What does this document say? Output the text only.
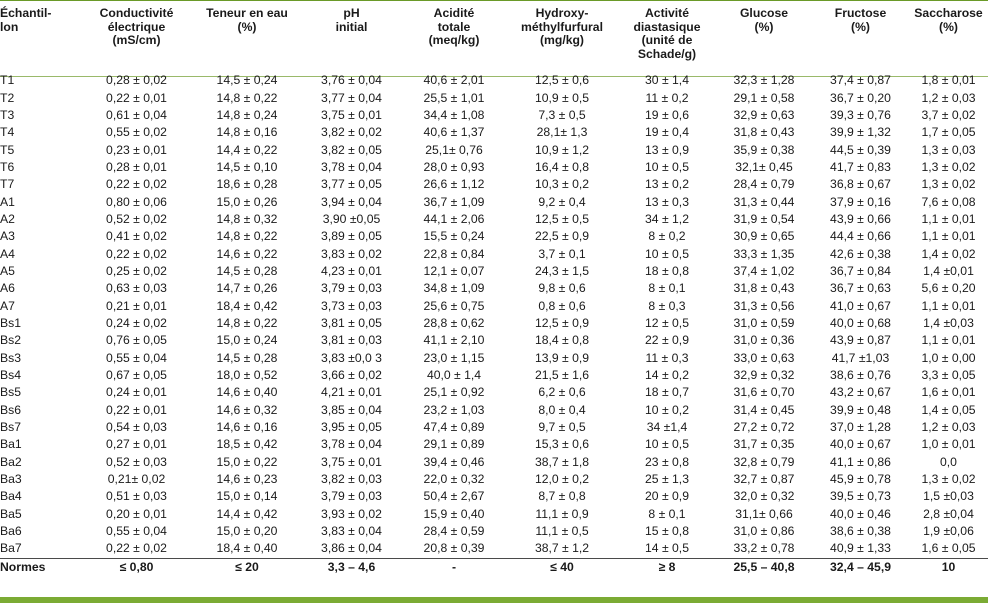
Échantil-
lon	Conductivité
électrique
(mS/cm)	Teneur en eau
(%)	pH
initial	Acidité
totale
(meq/kg)	Hydroxy-
méthylfurfural
(mg/kg)	Activité
diastasique
(unité de
Schade/g)	Glucose
(%)	Fructose
(%)	Saccharose
(%)
T1	0,28 ± 0,02	14,5 ± 0,24	3,76 ± 0,04	40,6 ± 2,01	12,5 ± 0,6	30 ± 1,4	32,3 ± 1,28	37,4 ± 0,87	1,8 ± 0,01
T2	0,22 ± 0,01	14,8 ± 0,22	3,77 ± 0,04	25,5 ± 1,01	10,9 ± 0,5	11 ± 0,2	29,1 ± 0,58	36,7 ± 0,20	1,2 ± 0,03
T3	0,61 ± 0,04	14,8 ± 0,24	3,75 ± 0,01	34,4 ± 1,08	7,3 ± 0,5	19 ± 0,6	32,9 ± 0,63	39,3 ± 0,76	3,7 ± 0,02
T4	0,55 ± 0,02	14,8 ± 0,16	3,82 ± 0,02	40,6 ± 1,37	28,1± 1,3	19 ± 0,4	31,8 ± 0,43	39,9 ± 1,32	1,7 ± 0,05
T5	0,23 ± 0,01	14,4 ± 0,22	3,82 ± 0,05	25,1± 0,76	10,9 ± 1,2	13 ± 0,9	35,9 ± 0,38	44,5 ± 0,39	1,3 ± 0,03
T6	0,28 ± 0,01	14,5 ± 0,10	3,78 ± 0,04	28,0 ± 0,93	16,4 ± 0,8	10 ± 0,5	32,1± 0,45	41,7 ± 0,83	1,3 ± 0,02
T7	0,22 ± 0,02	18,6 ± 0,28	3,77 ± 0,05	26,6 ± 1,12	10,3 ± 0,2	13 ± 0,2	28,4 ± 0,79	36,8 ± 0,67	1,3 ± 0,02
A1	0,80 ± 0,06	15,0 ± 0,26	3,94 ± 0,04	36,7 ± 1,09	9,2 ± 0,4	13 ± 0,3	31,3 ± 0,44	37,9 ± 0,16	7,6 ± 0,08
A2	0,52 ± 0,02	14,8 ± 0,32	3,90 ±0,05	44,1 ± 2,06	12,5 ± 0,5	34 ± 1,2	31,9 ± 0,54	43,9 ± 0,66	1,1 ± 0,01
A3	0,41 ± 0,02	14,8 ± 0,22	3,89 ± 0,05	15,5 ± 0,24	22,5 ± 0,9	8 ± 0,2	30,9 ± 0,65	44,4 ± 0,66	1,1 ± 0,01
A4	0,22 ± 0,02	14,6 ± 0,22	3,83 ± 0,02	22,8 ± 0,84	3,7 ± 0,1	10 ± 0,5	33,3 ± 1,35	42,6 ± 0,38	1,4 ± 0,02
A5	0,25 ± 0,02	14,5 ± 0,28	4,23 ± 0,01	12,1 ± 0,07	24,3 ± 1,5	18 ± 0,8	37,4 ± 1,02	36,7 ± 0,84	1,4 ±0,01
A6	0,63 ± 0,03	14,7 ± 0,26	3,79 ± 0,03	34,8 ± 1,09	9,8 ± 0,6	8 ± 0,1	31,8 ± 0,43	36,7 ± 0,63	5,6 ± 0,20
A7	0,21 ± 0,01	18,4 ± 0,42	3,73 ± 0,03	25,6 ± 0,75	0,8 ± 0,6	8 ± 0,3	31,3 ± 0,56	41,0 ± 0,67	1,1 ± 0,01
Bs1	0,24 ± 0,02	14,8 ± 0,22	3,81 ± 0,05	28,8 ± 0,62	12,5 ± 0,9	12 ± 0,5	31,0 ± 0,59	40,0 ± 0,68	1,4 ±0,03
Bs2	0,76 ± 0,05	15,0 ± 0,24	3,81 ± 0,03	41,1 ± 2,10	18,4 ± 0,8	22 ± 0,9	31,0 ± 0,36	43,9 ± 0,87	1,1 ± 0,01
Bs3	0,55 ± 0,04	14,5 ± 0,28	3,83 ±0,0 3	23,0 ± 1,15	13,9 ± 0,9	11 ± 0,3	33,0 ± 0,63	41,7 ±1,03	1,0 ± 0,00
Bs4	0,67 ± 0,05	18,0 ± 0,52	3,66 ± 0,02	40,0 ± 1,4	21,5 ± 1,6	14 ± 0,2	32,9 ± 0,32	38,6 ± 0,76	3,3 ± 0,05
Bs5	0,24 ± 0,01	14,6 ± 0,40	4,21 ± 0,01	25,1 ± 0,92	6,2 ± 0,6	18 ± 0,7	31,6 ± 0,70	43,2 ± 0,67	1,6 ± 0,01
Bs6	0,22 ± 0,01	14,6 ± 0,32	3,85 ± 0,04	23,2 ± 1,03	8,0 ± 0,4	10 ± 0,2	31,4 ± 0,45	39,9 ± 0,48	1,4 ± 0,05
Bs7	0,54 ± 0,03	14,6 ± 0,16	3,95 ± 0,05	47,4 ± 0,89	9,7 ± 0,5	34 ±1,4	27,2 ± 0,72	37,0 ± 1,28	1,2 ± 0,03
Ba1	0,27 ± 0,01	18,5 ± 0,42	3,78 ± 0,04	29,1 ± 0,89	15,3 ± 0,6	10 ± 0,5	31,7 ± 0,35	40,0 ± 0,67	1,0 ± 0,01
Ba2	0,52 ± 0,03	15,0 ± 0,22	3,75 ± 0,01	39,4 ± 0,46	38,7 ± 1,8	23 ± 0,8	32,8 ± 0,79	41,1 ± 0,86	0,0
Ba3	0,21± 0,02	14,6 ± 0,23	3,82 ± 0,03	22,0 ± 0,32	12,0 ± 0,2	25 ± 1,3	32,7 ± 0,87	45,9 ± 0,78	1,3 ± 0,02
Ba4	0,51 ± 0,03	15,0 ± 0,14	3,79 ± 0,03	50,4 ± 2,67	8,7 ± 0,8	20 ± 0,9	32,0 ± 0,32	39,5 ± 0,73	1,5 ±0,03
Ba5	0,20 ± 0,01	14,4 ± 0,42	3,93 ± 0,02	15,9 ± 0,40	11,1 ± 0,9	8 ± 0,1	31,1± 0,66	40,0 ± 0,46	2,8 ±0,04
Ba6	0,55 ± 0,04	15,0 ± 0,20	3,83 ± 0,04	28,4 ± 0,59	11,1 ± 0,5	15 ± 0,8	31,0 ± 0,86	38,6 ± 0,38	1,9 ±0,06
Ba7	0,22 ± 0,02	18,4 ± 0,40	3,86 ± 0,04	20,8 ± 0,39	38,7 ± 1,2	14 ± 0,5	33,2 ± 0,78	40,9 ± 1,33	1,6 ± 0,05
Normes	≤ 0,80	≤ 20	3,3 – 4,6	-	≤ 40	≥ 8	25,5 – 40,8	32,4 – 45,9	10
